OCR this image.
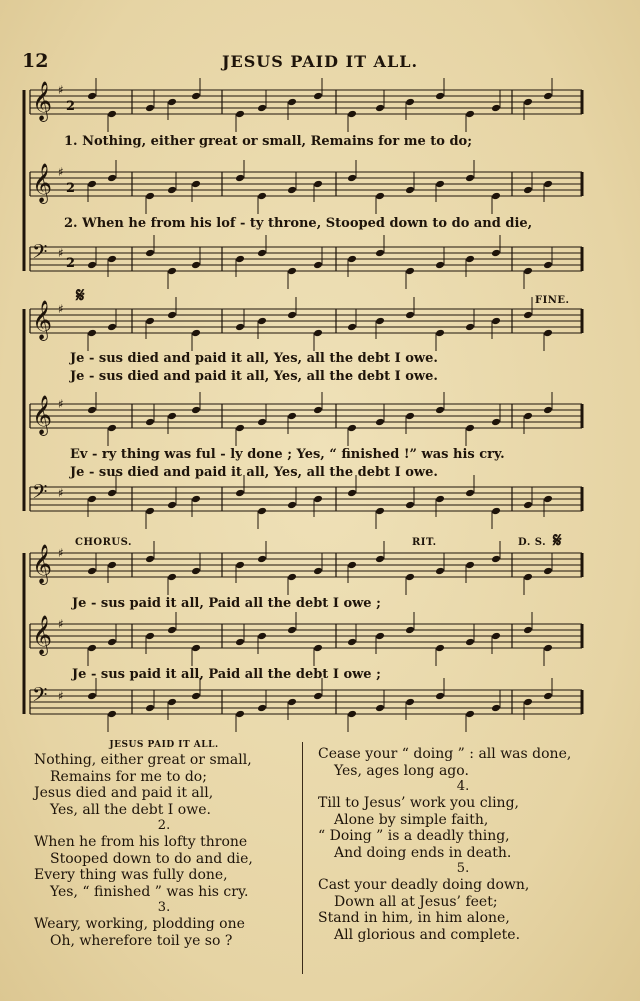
12	JESUS PAID IT ALL.
𝄞 ♯
2
𝄞 ♯
2
𝄢 ♯
2
𝄞 ♯
𝄞 ♯
𝄢 ♯
𝄞 ♯
𝄞 ♯
𝄢 ♯
1. Nothing, either great or small, Remains for me to do;
2. When he from his lof - ty throne, Stooped down to do and die,
𝄋	FINE.
Je - sus died and paid it all, Yes, all the debt I owe.
Je - sus died and paid it all, Yes, all the debt I owe.
Ev - ry thing was ful - ly done ; Yes, “ finished !” was his cry.
Je - sus died and paid it all, Yes, all the debt I owe.
CHORUS.	RIT.	D. S. 𝄋
Je - sus paid it all, Paid all the debt I owe ;
Je - sus paid it all, Paid all the debt I owe ;
JESUS PAID IT ALL.
Nothing, either great or small,
Remains for me to do;
Jesus died and paid it all,
Yes, all the debt I owe.
2.
When he from his lofty throne
Stooped down to do and die,
Every thing was fully done,
Yes, “ finished ” was his cry.
3.
Weary, working, plodding one
Oh, wherefore toil ye so ?
Cease your “ doing ” : all was done,
Yes, ages long ago.
4.
Till to Jesus’ work you cling,
Alone by simple faith,
“ Doing ” is a deadly thing,
And doing ends in death.
5.
Cast your deadly doing down,
Down all at Jesus’ feet;
Stand in him, in him alone,
All glorious and complete.
